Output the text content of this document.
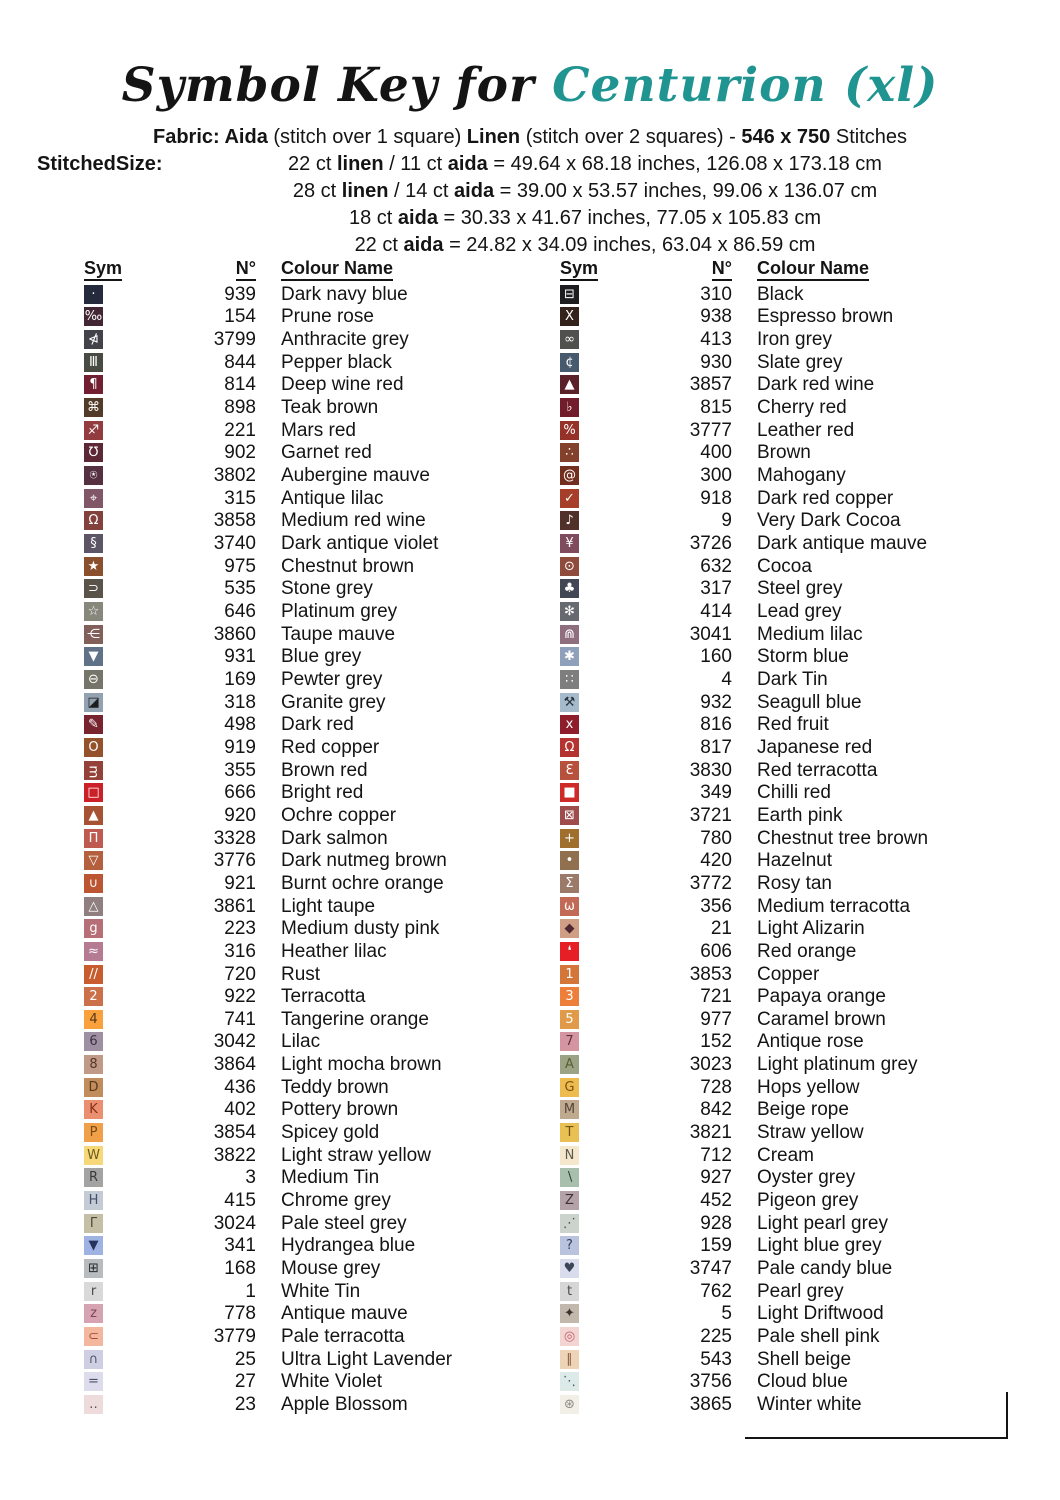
Symbol Key for Centurion (xl)
Fabric: Aida (stitch over 1 square) Linen (stitch over 2 squares) - 546 x 750 Stitches
StitchedSize:	22 ct linen / 11 ct aida = 49.64 x 68.18 inches, 126.08 x 173.18 cm
28 ct linen / 14 ct aida = 39.00 x 53.57 inches, 99.06 x 136.07 cm
18 ct aida = 30.33 x 41.67 inches, 77.05 x 105.83 cm
22 ct aida = 24.82 x 34.09 inches, 63.04 x 86.59 cm
Sym	N° Colour Name
·	939 Dark navy blue
‰	154 Prune rose
⋪	3799 Anthracite grey
Ⅲ	844 Pepper black
¶	814 Deep wine red
⌘	898 Teak brown
♐	221 Mars red
℧	902 Garnet red
⍟	3802 Aubergine mauve
⌖	315 Antique lilac
Ω	3858 Medium red wine
§	3740 Dark antique violet
★	975 Chestnut brown
⊃	535 Stone grey
☆	646 Platinum grey
⋲	3860 Taupe mauve
▼	931 Blue grey
⊖	169 Pewter grey
◪	318 Granite grey
✎	498 Dark red
O	919 Red copper
ᴟ	355 Brown red
□	666 Bright red
▲	920 Ochre copper
Π	3328 Dark salmon
▽	3776 Dark nutmeg brown
∪	921 Burnt ochre orange
△	3861 Light taupe
g	223 Medium dusty pink
≈	316 Heather lilac
//	720 Rust
2	922 Terracotta
4	741 Tangerine orange
6	3042 Lilac
8	3864 Light mocha brown
D	436 Teddy brown
K	402 Pottery brown
P	3854 Spicey gold
W	3822 Light straw yellow
R	3 Medium Tin
H	415 Chrome grey
Γ	3024 Pale steel grey
▼	341 Hydrangea blue
⊞	168 Mouse grey
r	1 White Tin
z	778 Antique mauve
⊂	3779 Pale terracotta
∩	25 Ultra Light Lavender
=	27 White Violet
‥	23 Apple Blossom
Sym	N° Colour Name
⊟	310 Black
X	938 Espresso brown
∞	413 Iron grey
¢	930 Slate grey
▲	3857 Dark red wine
♭	815 Cherry red
%	3777 Leather red
∴	400 Brown
@	300 Mahogany
✓	918 Dark red copper
♪	9 Very Dark Cocoa
¥	3726 Dark antique mauve
⊙	632 Cocoa
♣	317 Steel grey
✻	414 Lead grey
⋒	3041 Medium lilac
✱	160 Storm blue
∷	4 Dark Tin
⚒	932 Seagull blue
x	816 Red fruit
Ω	817 Japanese red
Ɛ	3830 Red terracotta
■	349 Chilli red
⊠	3721 Earth pink
+	780 Chestnut tree brown
•	420 Hazelnut
Σ	3772 Rosy tan
ω	356 Medium terracotta
◆	21 Light Alizarin
❛	606 Red orange
1	3853 Copper
3	721 Papaya orange
5	977 Caramel brown
7	152 Antique rose
A	3023 Light platinum grey
G	728 Hops yellow
M	842 Beige rope
T	3821 Straw yellow
N	712 Cream
∖	927 Oyster grey
Z	452 Pigeon grey
⋰	928 Light pearl grey
?	159 Light blue grey
♥	3747 Pale candy blue
t	762 Pearl grey
✦	5 Light Driftwood
◎	225 Pale shell pink
∥	543 Shell beige
⋱	3756 Cloud blue
⊛	3865 Winter white
